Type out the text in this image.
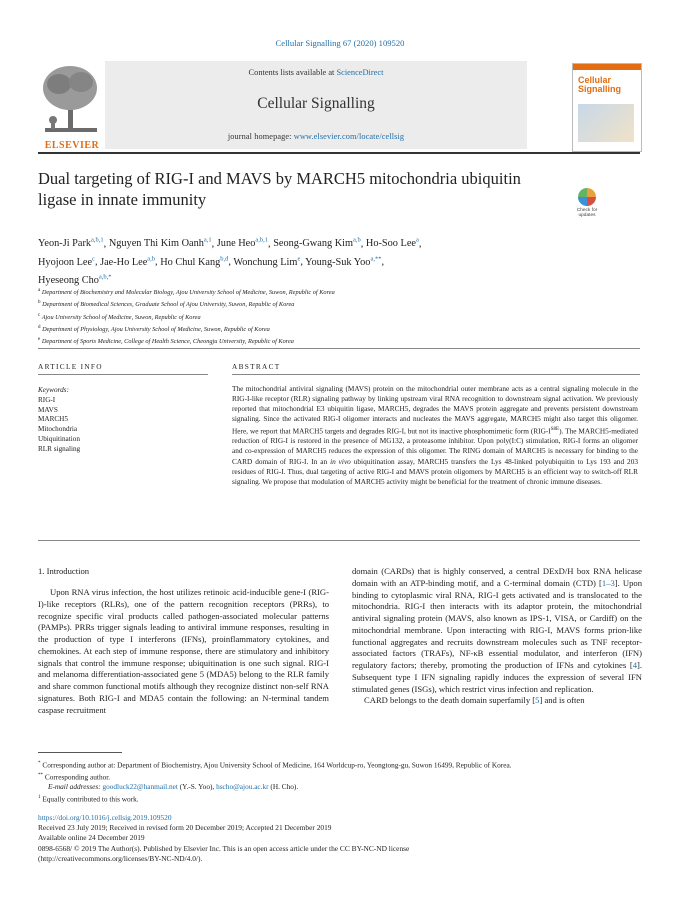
Cellular Signalling 67 (2020) 109520
ELSEVIER
Contents lists available at ScienceDirect
Cellular Signalling
journal homepage: www.elsevier.com/locate/cellsig
Cellular
Signalling
Dual targeting of RIG-I and MAVS by MARCH5 mitochondria ubiquitin ligase in innate immunity
Check for
updates
Yeon-Ji Park$^{a,b,1}$, Nguyen Thi Kim Oanh$^{a,1}$, June Heo$^{a,b,1}$, Seong-Gwang Kim$^{a,b}$, Ho-Soo Lee$^a$,
Hyojoon Lee$^c$, Jae-Ho Lee$^{a,b}$, Ho Chul Kang$^{b,d}$, Wonchung Lim$^e$, Young-Suk Yoo$^{a,**}$,
Hyeseong Cho$^{a,b,*}$
$^a$ Department of Biochemistry and Molecular Biology, Ajou University School of Medicine, Suwon, Republic of Korea
$^b$ Department of Biomedical Sciences, Graduate School of Ajou University, Suwon, Republic of Korea
$^c$ Ajou University School of Medicine, Suwon, Republic of Korea
$^d$ Department of Physiology, Ajou University School of Medicine, Suwon, Republic of Korea
$^e$ Department of Sports Medicine, College of Health Science, Cheongju University, Republic of Korea
ARTICLE INFO	ABSTRACT
Keywords:
RIG-I
MAVS
MARCH5
Mitochondria
Ubiquitination
RLR signaling
The mitochondrial antiviral signaling (MAVS) protein on the mitochondrial outer membrane acts as a central signaling molecule in the RIG-I-like receptor (RLR) signaling pathway by linking upstream viral RNA recognition to downstream signal activation. We previously reported that mitochondrial E3 ubiquitin ligase, MARCH5, degrades the MAVS protein aggregate and prevents persistent downstream signaling. Since the activated RIG-I oligomer interacts and nucleates the MAVS aggregate, MARCH5 might also target this oligomer. Here, we report that MARCH5 targets and degrades RIG-I, but not its inactive phosphomimetic form $(RIG-I^{S8E})$. The MARCH5-mediated reduction of RIG-I is restored in the presence of MG132, a proteasome inhibitor. Upon poly(I:C) stimulation, RIG-I forms an oligomer and co-expression of MARCH5 reduces the expression of this oligomer. The RING domain of MARCH5 is necessary for binding to the CARD domain of RIG-I. In an in vivo ubiquitination assay, MARCH5 transfers the Lys 48-linked polyubiquitin to Lys 193 and 203 residues of RIG-I. Thus, dual targeting of active RIG-I and MAVS protein oligomers by MARCH5 is an efficient way to switch-off RLR signaling. We propose that modulation of MARCH5 activity might be beneficial for the treatment of chronic immune diseases.
1. Introduction

Upon RNA virus infection, the host utilizes retinoic acid-inducible gene-I (RIG-I)-like receptors (RLRs), one of the pattern recognition receptors (PRRs), to recognize specific viral products called pathogen-associated molecular patterns (PAMPs). PRRs trigger signals leading to antiviral immune responses, resulting in the production of type I interferons (IFNs), proinflammatory cytokines, and chemokines. At each step of immune response, there are stimulatory and inhibitory signals that control the immune response; ubiquitination is one such signal. RIG-I and melanoma differentiation-associated gene 5 (MDA5) belong to the RLR family and share common functional motifs although they recognize distinct non-self RNA signatures. Both RIG-I and MDA5 contain the following: an N-terminal tandem caspase recruitment

domain (CARDs) that is highly conserved, a central DExD/H box RNA helicase domain with an ATP-binding motif, and a C-terminal domain (CTD) [1–3]. Upon binding to cytoplasmic viral RNA, RIG-I gets activated and is translocated to the mitochondria. RIG-I then interacts with its adaptor protein, the mitochondrial antiviral signaling protein (MAVS, also known as IPS-1, VISA, or Cardiff) on the mitochondrial membrane. Upon interacting with RIG-I, MAVS forms prion-like functional aggregates and recruits downstream molecules such as TNF receptor-associated factors (TRAFs), NF-κB essential modulator, and interferon (IFN) regulatory factors; thereby, promoting the production of IFNs and cytokines [4]. Subsequent type I IFN signaling rapidly induces the expression of several IFN stimulated genes (ISGs), which restrict virus infection and replication.

CARD belongs to the death domain superfamily [5] and is often

* Corresponding author at: Department of Biochemistry, Ajou University School of Medicine, 164 Worldcup-ro, Yeongtong-gu, Suwon 16499, Republic of Korea.
** Corresponding author.
E-mail addresses: goodluck22@hanmail.net (Y.-S. Yoo), hscho@ajou.ac.kr (H. Cho).
$^1$ Equally contributed to this work.
https://doi.org/10.1016/j.cellsig.2019.109520
Received 23 July 2019; Received in revised form 20 December 2019; Accepted 21 December 2019
Available online 24 December 2019
0898-6568/ © 2019 The Author(s). Published by Elsevier Inc. This is an open access article under the CC BY-NC-ND license
(http://creativecommons.org/licenses/BY-NC-ND/4.0/).
